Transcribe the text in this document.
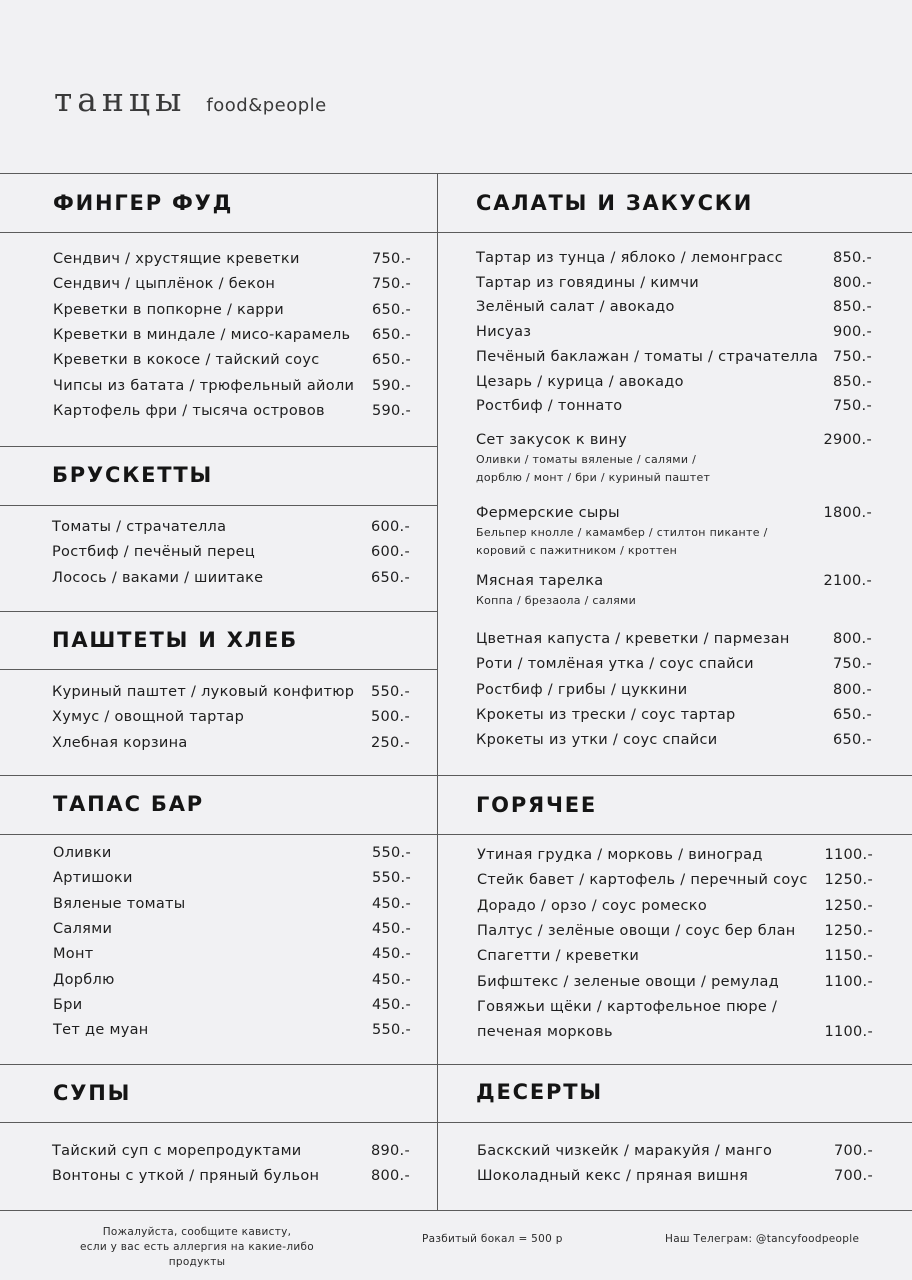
танцы food&people
ФИНГЕР ФУД
Сендвич / хрустящие креветки	750.-
Сендвич / цыплёнок / бекон	750.-
Креветки в попкорне / карри	650.-
Креветки в миндале / мисо-карамель 650.-
Креветки в кокосе / тайский соус	650.-
Чипсы из батата / трюфельный айоли 590.-
Картофель фри / тысяча островов	590.-
БРУСКЕТТЫ
Томаты / страчателла	600.-
Ростбиф / печёный перец	600.-
Лосось / ваками / шиитаке	650.-
ПАШТЕТЫ И ХЛЕБ
Куриный паштет / луковый конфитюр 550.-
Хумус / овощной тартар	500.-
Хлебная корзина	250.-
ТАПАС БАР
Оливки	550.-
Артишоки	550.-
Вяленые томаты	450.-
Салями	450.-
Монт	450.-
Дорблю	450.-
Бри	450.-
Тет де муан	550.-
СУПЫ
Тайский суп с морепродуктами	890.-
Вонтоны с уткой / пряный бульон	800.-
САЛАТЫ И ЗАКУСКИ
Тартар из тунца / яблоко / лемонграсс	850.-
Тартар из говядины / кимчи	800.-
Зелёный салат / авокадо	850.-
Нисуаз	900.-
Печёный баклажан / томаты / страчателла 750.-
Цезарь / курица / авокадо	850.-
Ростбиф / тоннато	750.-
Сет закусок к вину	2900.-
Оливки / томаты вяленые / салями /
дорблю / монт / бри / куриный паштет
Фермерские сыры	1800.-
Бельпер кнолле / камамбер / стилтон пиканте /
коровий с пажитником / кроттен
Мясная тарелка	2100.-
Коппа / брезаола / салями
Цветная капуста / креветки / пармезан	800.-
Роти / томлёная утка / соус спайси	750.-
Ростбиф / грибы / цуккини	800.-
Крокеты из трески / соус тартар	650.-
Крокеты из утки / соус спайси	650.-
ГОРЯЧЕЕ
Утиная грудка / морковь / виноград	1100.-
Стейк бавет / картофель / перечный соус 1250.-
Дорадо / орзо / соус ромеско	1250.-
Палтус / зелёные овощи / соус бер блан 1250.-
Спагетти / креветки	1150.-
Бифштекс / зеленые овощи / ремулад	1100.-
Говяжьи щёки / картофельное пюре /
печеная морковь	1100.-
ДЕСЕРТЫ
Баскский чизкейк / маракуйя / манго	700.-
Шоколадный кекс / пряная вишня	700.-
Пожалуйста, сообщите кависту,
если у вас есть аллергия на какие-либо продукты
Разбитый бокал = 500 р	Наш Телеграм: @tancyfoodpeople
